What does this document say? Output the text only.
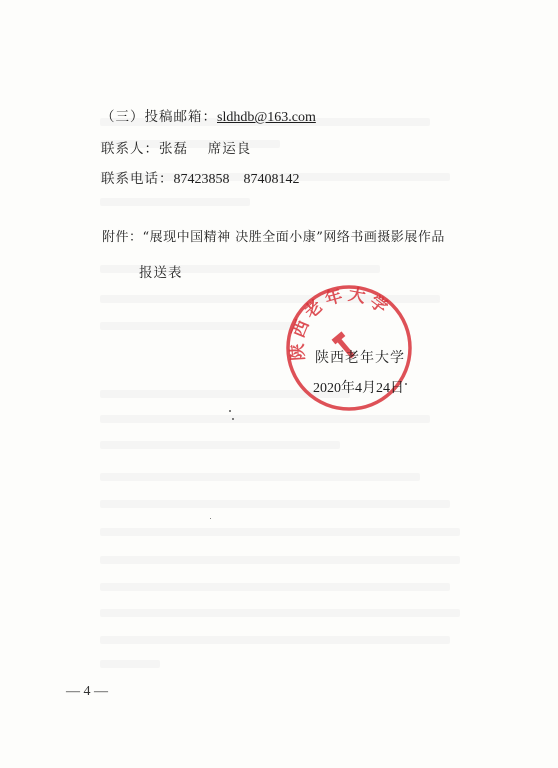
（三）投稿邮箱：sldhdb@163.com
联系人：张磊　 席运良
联系电话：87423858 87408142
附件：“展现中国精神 决胜全面小康”网络书画摄影展作品
报送表
陕西老年大学
陕西老年大学
2020年4月24日
— 4 —
